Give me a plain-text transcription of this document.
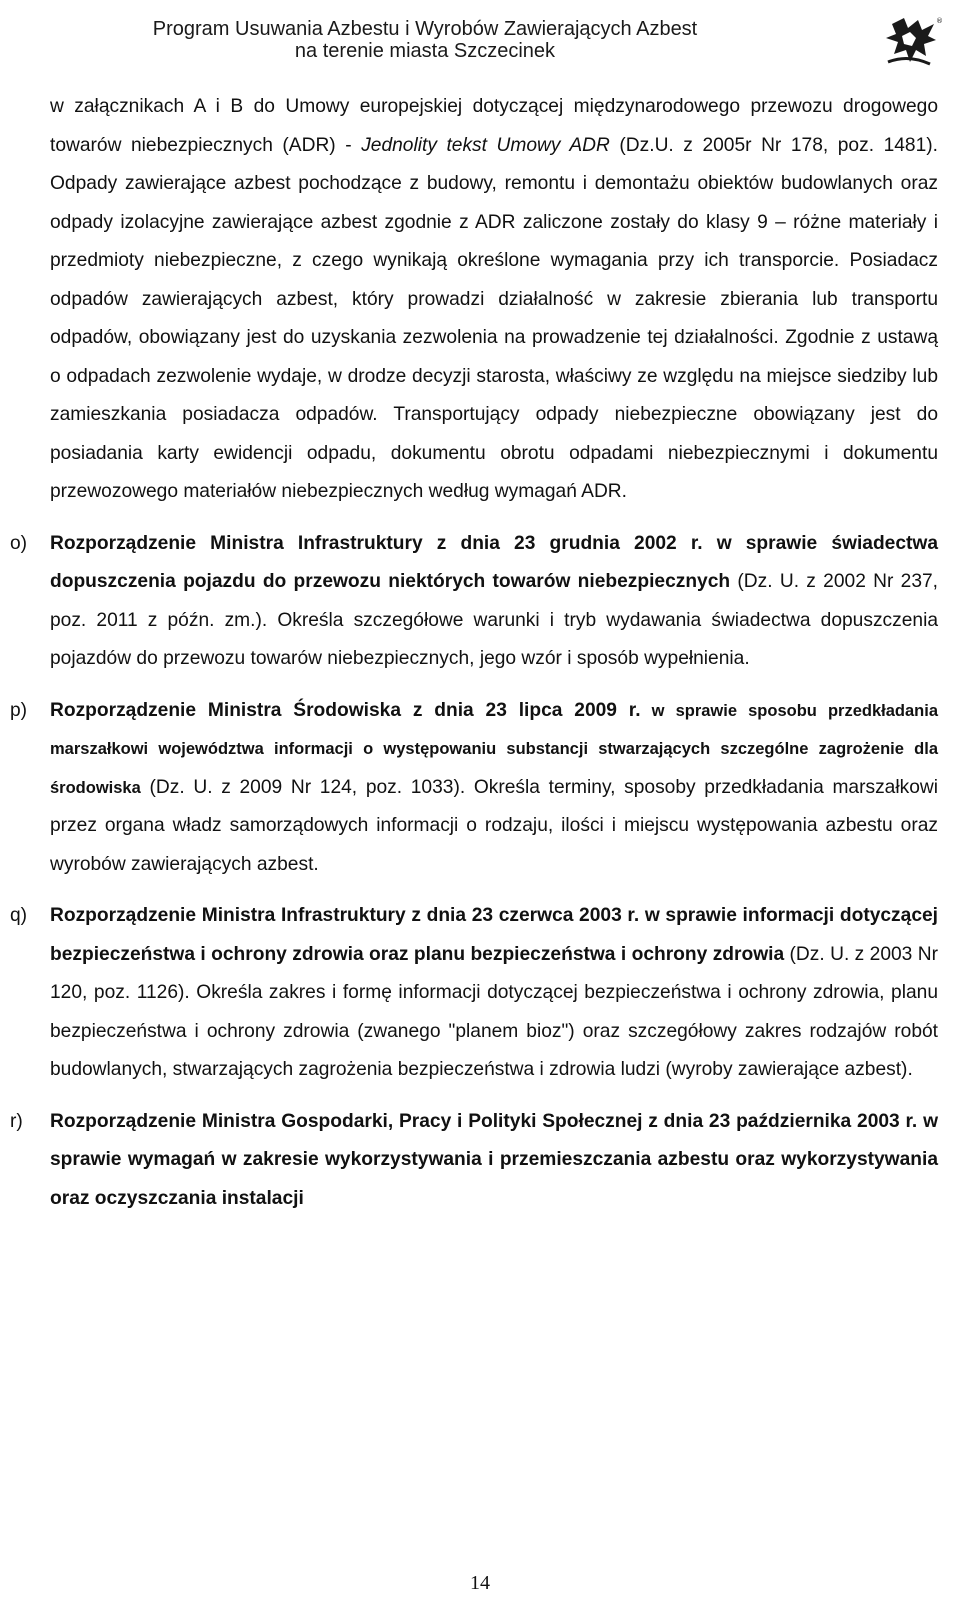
Program Usuwania Azbestu i Wyrobów Zawierających Azbest
na terenie miasta Szczecinek
®

w załącznikach A i B do Umowy europejskiej dotyczącej międzynarodowego przewozu drogowego towarów niebezpiecznych (ADR) - Jednolity tekst Umowy ADR (Dz.U. z 2005r Nr 178, poz. 1481). Odpady zawierające azbest pochodzące z budowy, remontu i demontażu obiektów budowlanych oraz odpady izolacyjne zawierające azbest zgodnie z ADR zaliczone zostały do klasy 9 – różne materiały i przedmioty niebezpieczne, z czego wynikają określone wymagania przy ich transporcie. Posiadacz odpadów zawierających azbest, który prowadzi działalność w zakresie zbierania lub transportu odpadów, obowiązany jest do uzyskania zezwolenia na prowadzenie tej działalności. Zgodnie z ustawą o odpadach zezwolenie wydaje, w drodze decyzji starosta, właściwy ze względu na miejsce siedziby lub zamieszkania posiadacza odpadów. Transportujący odpady niebezpieczne obowiązany jest do posiadania karty ewidencji odpadu, dokumentu obrotu odpadami niebezpiecznymi i dokumentu przewozowego materiałów niebezpiecznych według wymagań ADR.

o) Rozporządzenie Ministra Infrastruktury z dnia 23 grudnia 2002 r. w sprawie świadectwa dopuszczenia pojazdu do przewozu niektórych towarów niebezpiecznych (Dz. U. z 2002 Nr 237, poz. 2011 z późn. zm.). Określa szczegółowe warunki i tryb wydawania świadectwa dopuszczenia pojazdów do przewozu towarów niebezpiecznych, jego wzór i sposób wypełnienia.

p) Rozporządzenie Ministra Środowiska z dnia 23 lipca 2009 r. w sprawie sposobu przedkładania marszałkowi województwa informacji o występowaniu substancji stwarzających szczególne zagrożenie dla środowiska (Dz. U. z 2009 Nr 124, poz. 1033). Określa terminy, sposoby przedkładania marszałkowi przez organa władz samorządowych informacji o rodzaju, ilości i miejscu występowania azbestu oraz wyrobów zawierających azbest.

q) Rozporządzenie Ministra Infrastruktury z dnia 23 czerwca 2003 r. w sprawie informacji dotyczącej bezpieczeństwa i ochrony zdrowia oraz planu bezpieczeństwa i ochrony zdrowia (Dz. U. z 2003 Nr 120, poz. 1126). Określa zakres i formę informacji dotyczącej bezpieczeństwa i ochrony zdrowia, planu bezpieczeństwa i ochrony zdrowia (zwanego "planem bioz") oraz szczegółowy zakres rodzajów robót budowlanych, stwarzających zagrożenia bezpieczeństwa i zdrowia ludzi (wyroby zawierające azbest).

r) Rozporządzenie Ministra Gospodarki, Pracy i Polityki Społecznej z dnia 23 października 2003 r. w sprawie wymagań w zakresie wykorzystywania i przemieszczania azbestu oraz wykorzystywania oraz oczyszczania instalacji

14
